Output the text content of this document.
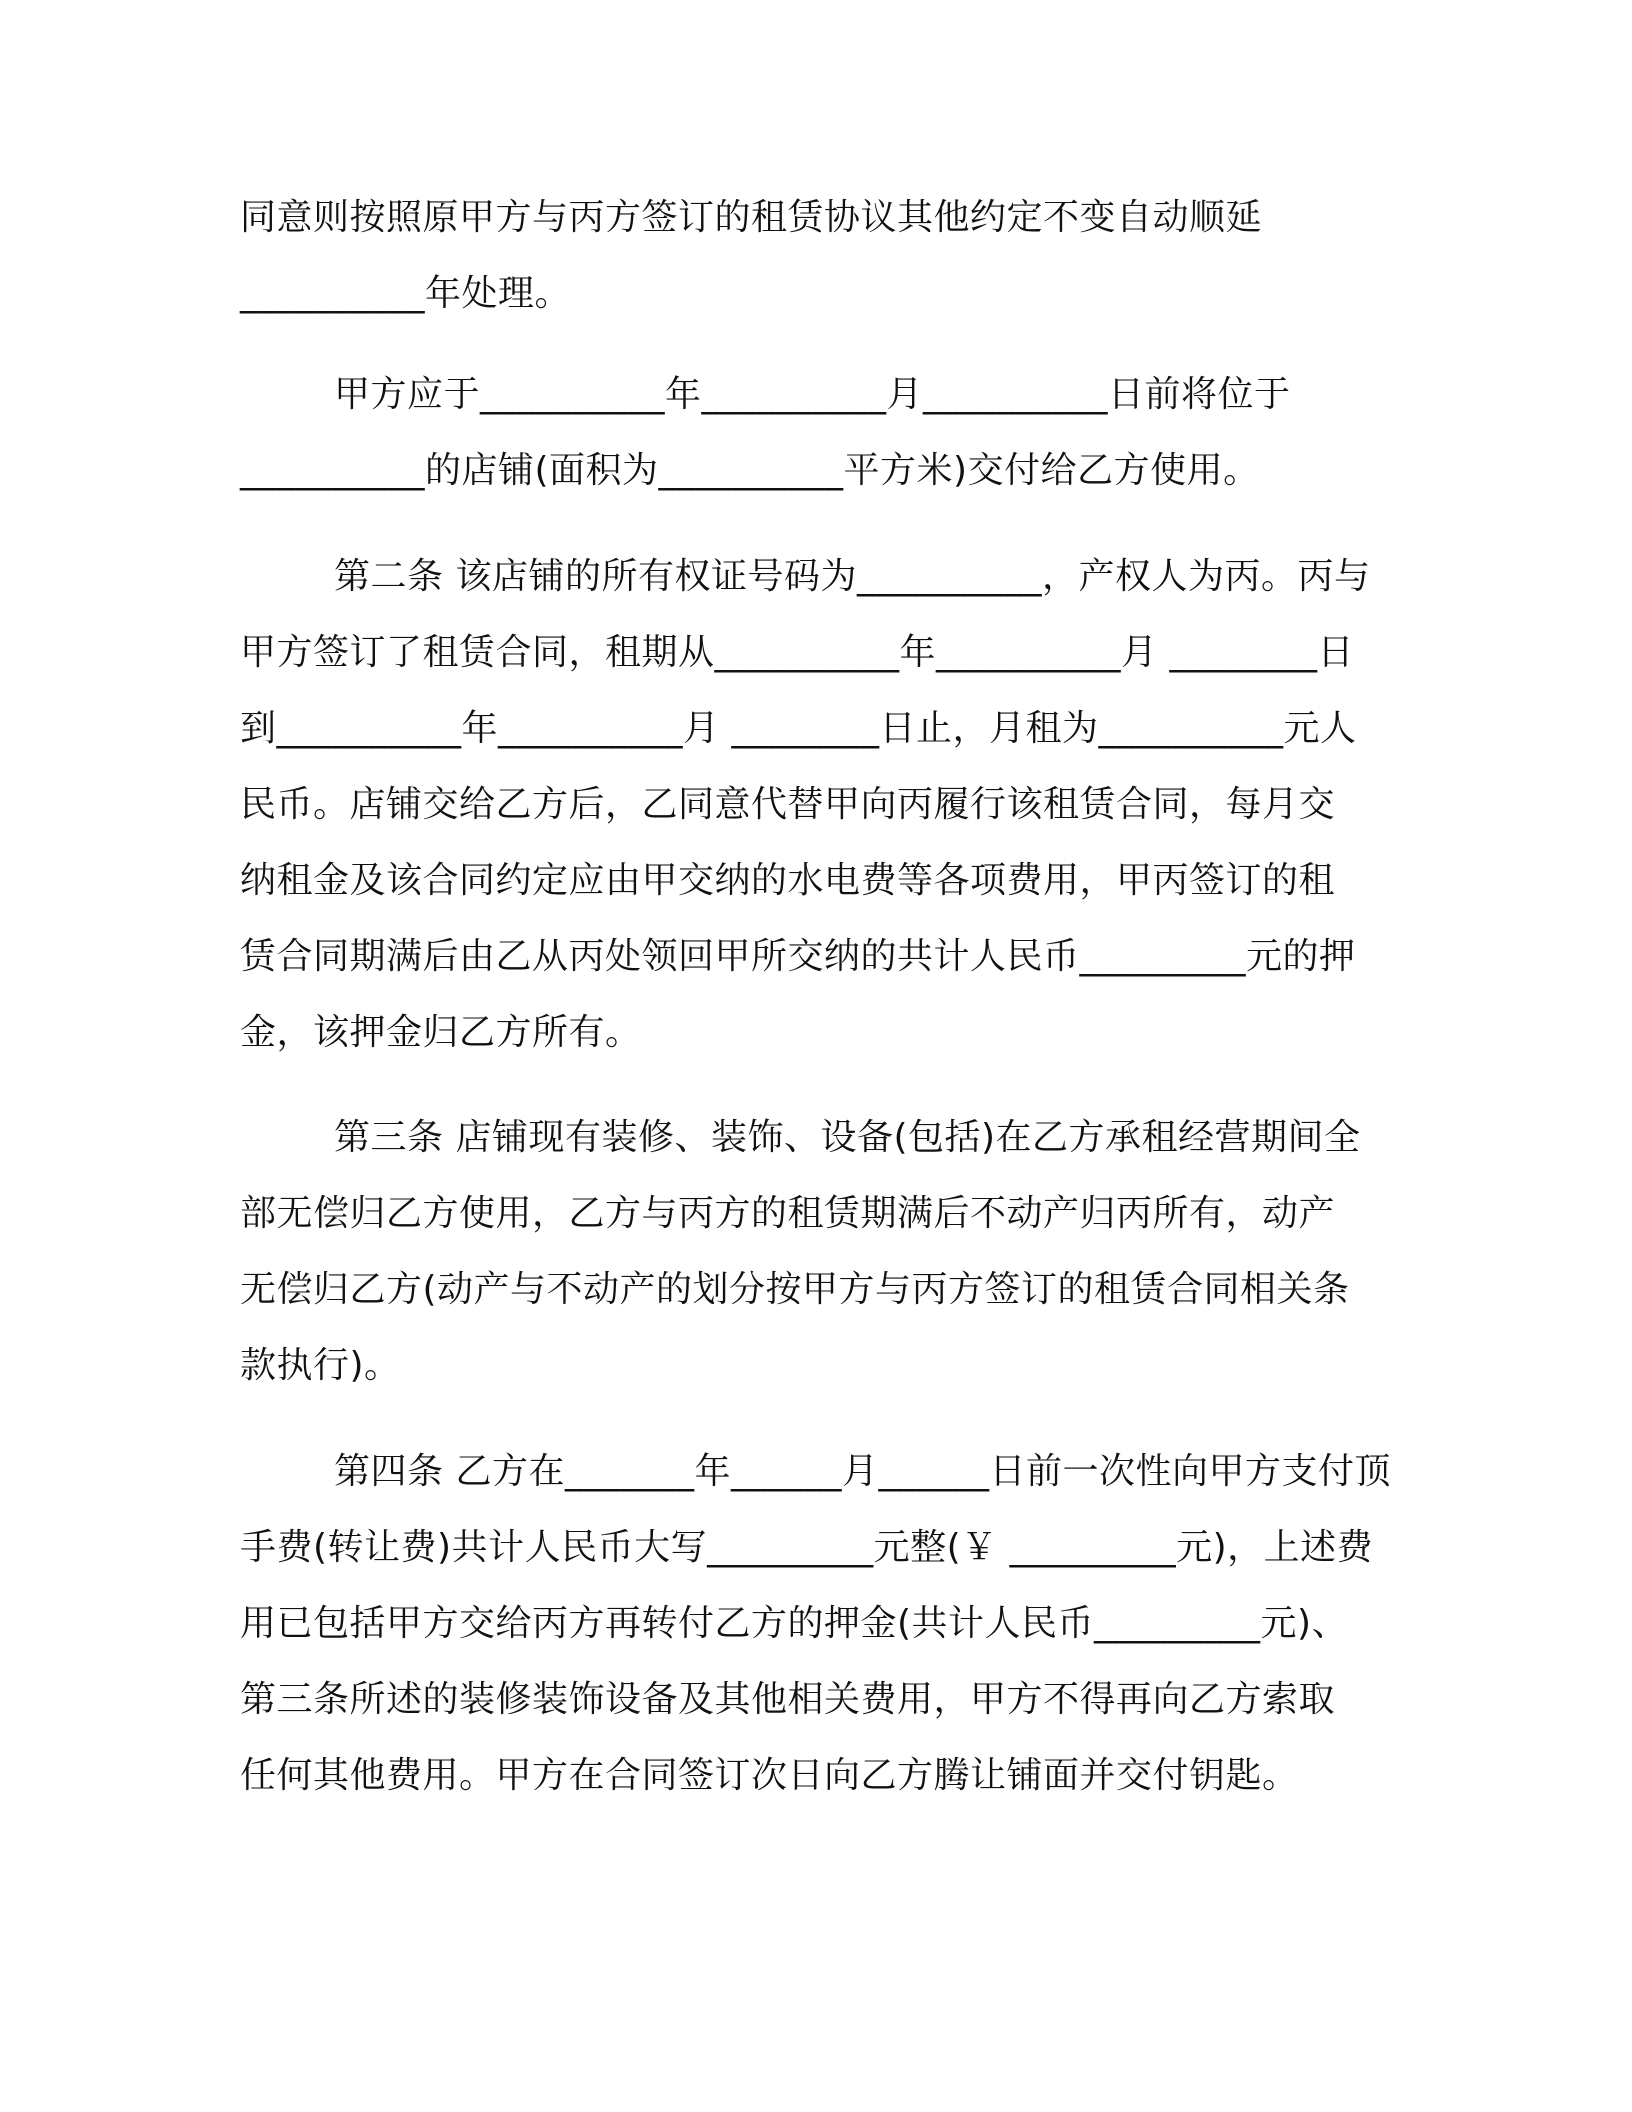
同意则按照原甲方与丙方签订的租赁协议其他约定不变自动顺延
__________年处理。
甲方应于__________年__________月__________日前将位于
__________的店铺(面积为__________平方米)交付给乙方使用。
第二条 该店铺的所有权证号码为__________，产权人为丙。丙与
甲方签订了租赁合同，租期从__________年__________月 ________日
到__________年__________月 ________日止，月租为__________元人
民币。店铺交给乙方后，乙同意代替甲向丙履行该租赁合同，每月交
纳租金及该合同约定应由甲交纳的水电费等各项费用，甲丙签订的租
赁合同期满后由乙从丙处领回甲所交纳的共计人民币_________元的押
金，该押金归乙方所有。
第三条 店铺现有装修、装饰、设备(包括)在乙方承租经营期间全
部无偿归乙方使用，乙方与丙方的租赁期满后不动产归丙所有，动产
无偿归乙方(动产与不动产的划分按甲方与丙方签订的租赁合同相关条
款执行)。
第四条 乙方在_______年______月______日前一次性向甲方支付顶
手费(转让费)共计人民币大写_________元整(￥ _________元)，上述费
用已包括甲方交给丙方再转付乙方的押金(共计人民币_________元)、
第三条所述的装修装饰设备及其他相关费用，甲方不得再向乙方索取
任何其他费用。甲方在合同签订次日向乙方腾让铺面并交付钥匙。
